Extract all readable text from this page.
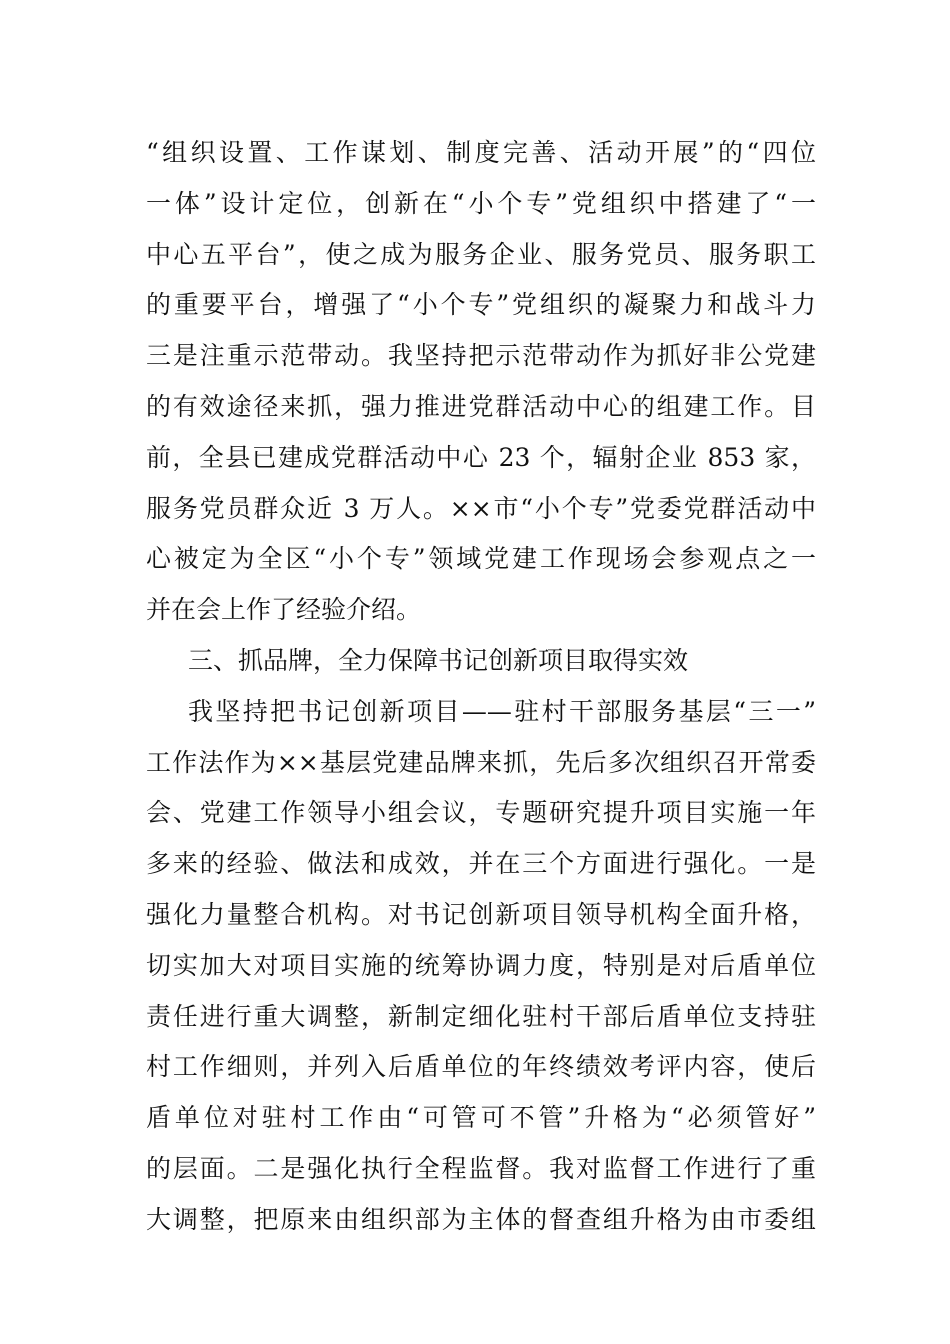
“组织设置、工作谋划、制度完善、活动开展”的“四位
一体”设计定位，创新在“小个专”党组织中搭建了“一
中心五平台”，使之成为服务企业、服务党员、服务职工
的重要平台，增强了“小个专”党组织的凝聚力和战斗力
三是注重示范带动。我坚持把示范带动作为抓好非公党建
的有效途径来抓，强力推进党群活动中心的组建工作。目
前，全县已建成党群活动中心 23 个，辐射企业 853 家，
服务党员群众近 3 万人。××市“小个专”党委党群活动中
心被定为全区“小个专”领域党建工作现场会参观点之一
并在会上作了经验介绍。
三、抓品牌，全力保障书记创新项目取得实效
我坚持把书记创新项目——驻村干部服务基层“三一”
工作法作为××基层党建品牌来抓，先后多次组织召开常委
会、党建工作领导小组会议，专题研究提升项目实施一年
多来的经验、做法和成效，并在三个方面进行强化。一是
强化力量整合机构。对书记创新项目领导机构全面升格，
切实加大对项目实施的统筹协调力度，特别是对后盾单位
责任进行重大调整，新制定细化驻村干部后盾单位支持驻
村工作细则，并列入后盾单位的年终绩效考评内容，使后
盾单位对驻村工作由“可管可不管”升格为“必须管好”
的层面。二是强化执行全程监督。我对监督工作进行了重
大调整，把原来由组织部为主体的督查组升格为由市委组
